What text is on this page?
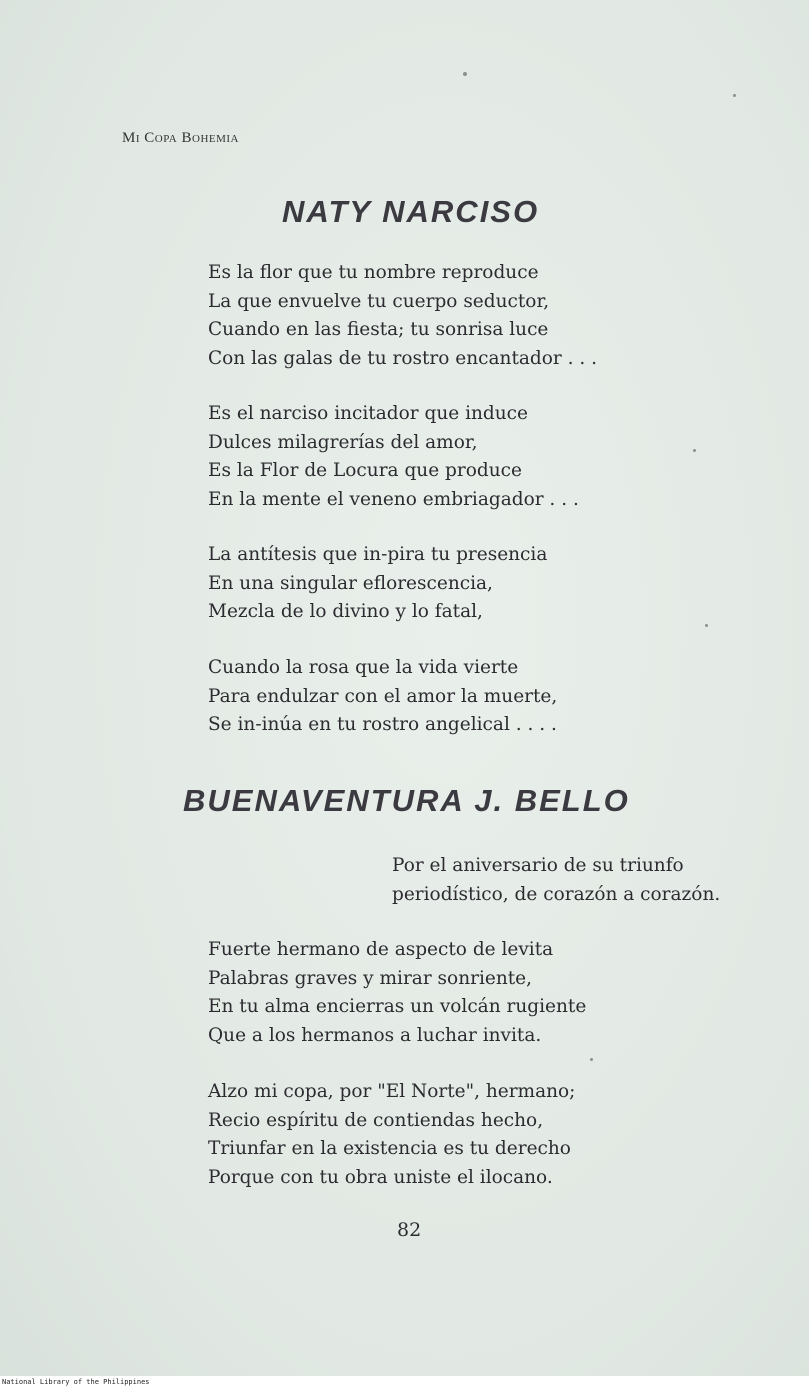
Mi Copa Bohemia
NATY NARCISO
Es la flor que tu nombre reproduce
La que envuelve tu cuerpo seductor,
Cuando en las fiesta; tu sonrisa luce
Con las galas de tu rostro encantador . . .
Es el narciso incitador que induce
Dulces milagrerías del amor,
Es la Flor de Locura que produce
En la mente el veneno embriagador . . .
La antítesis que in-pira tu presencia
En una singular eflorescencia,
Mezcla de lo divino y lo fatal,
Cuando la rosa que la vida vierte
Para endulzar con el amor la muerte,
Se in-inúa en tu rostro angelical . . . .
BUENAVENTURA J. BELLO
Por el aniversario de su triunfo
periodístico, de corazón a corazón.
Fuerte hermano de aspecto de levita
Palabras graves y mirar sonriente,
En tu alma encierras un volcán rugiente
Que a los hermanos a luchar invita.
Alzo mi copa, por "El Norte", hermano;
Recio espíritu de contiendas hecho,
Triunfar en la existencia es tu derecho
Porque con tu obra uniste el ilocano.
82
National Library of the Philippines
